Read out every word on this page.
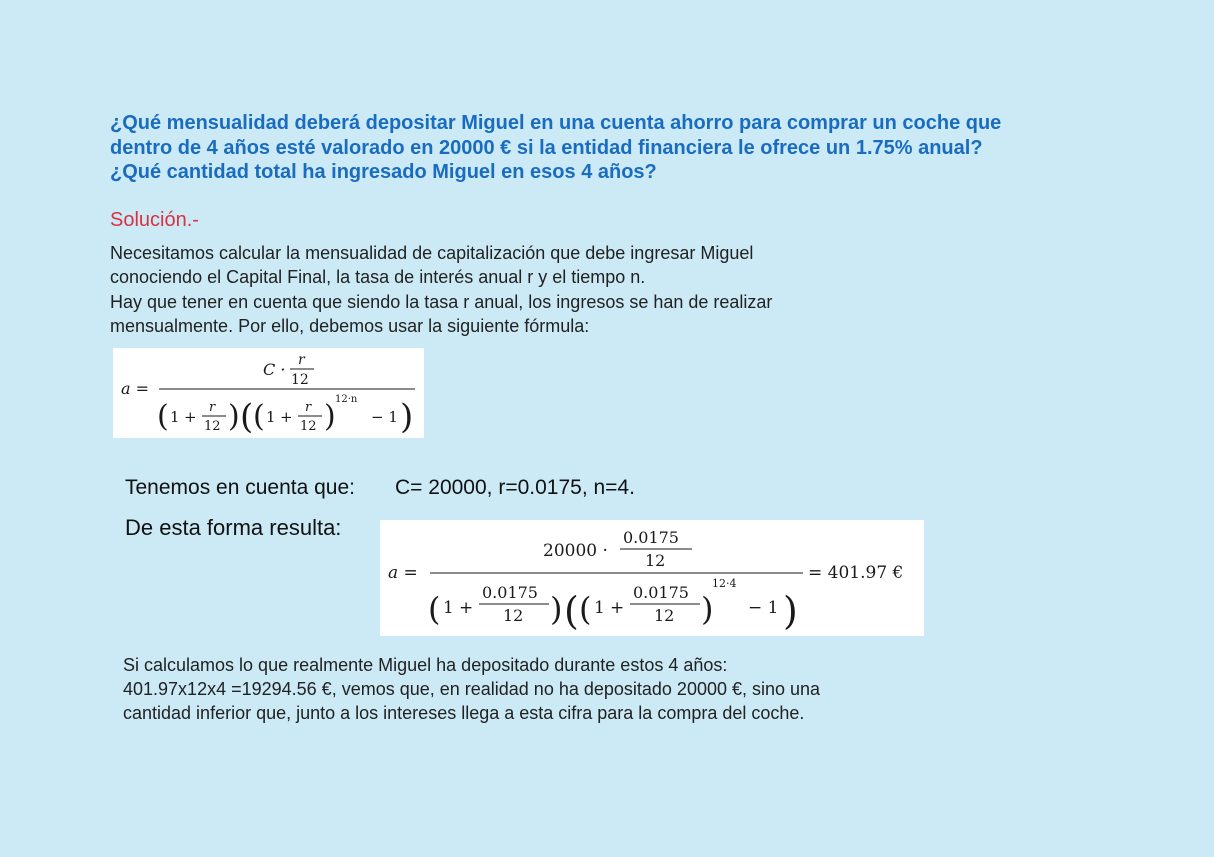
¿Qué mensualidad deberá depositar Miguel en una cuenta ahorro para comprar un coche que
dentro de 4 años esté valorado en 20000 € si la entidad financiera le ofrece un 1.75% anual?
¿Qué cantidad total ha ingresado Miguel en esos 4 años?
Solución.-
Necesitamos calcular la mensualidad de capitalización que debe ingresar Miguel
conociendo el Capital Final, la tasa de interés anual r y el tiempo n.
Hay que tener en cuenta que siendo la tasa r anual, los ingresos se han de realizar
mensualmente. Por ello, debemos usar la siguiente fórmula:
a =
C · r
12
( 1 +
r
12 ) ( ( 1 +
r
12 ) 12·n
− 1 )
Tenemos en cuenta que: C= 20000, r=0.0175, n=4.
De esta forma resulta:
a =
20000 ·
0.0175
12
( 1 +
0.0175
12 ) ( ( 1 +
0.0175
12 )
12·4
− 1 )
= 401.97 €
Si calculamos lo que realmente Miguel ha depositado durante estos 4 años:
401.97x12x4 =19294.56 €, vemos que, en realidad no ha depositado 20000 €, sino una
cantidad inferior que, junto a los intereses llega a esta cifra para la compra del coche.
